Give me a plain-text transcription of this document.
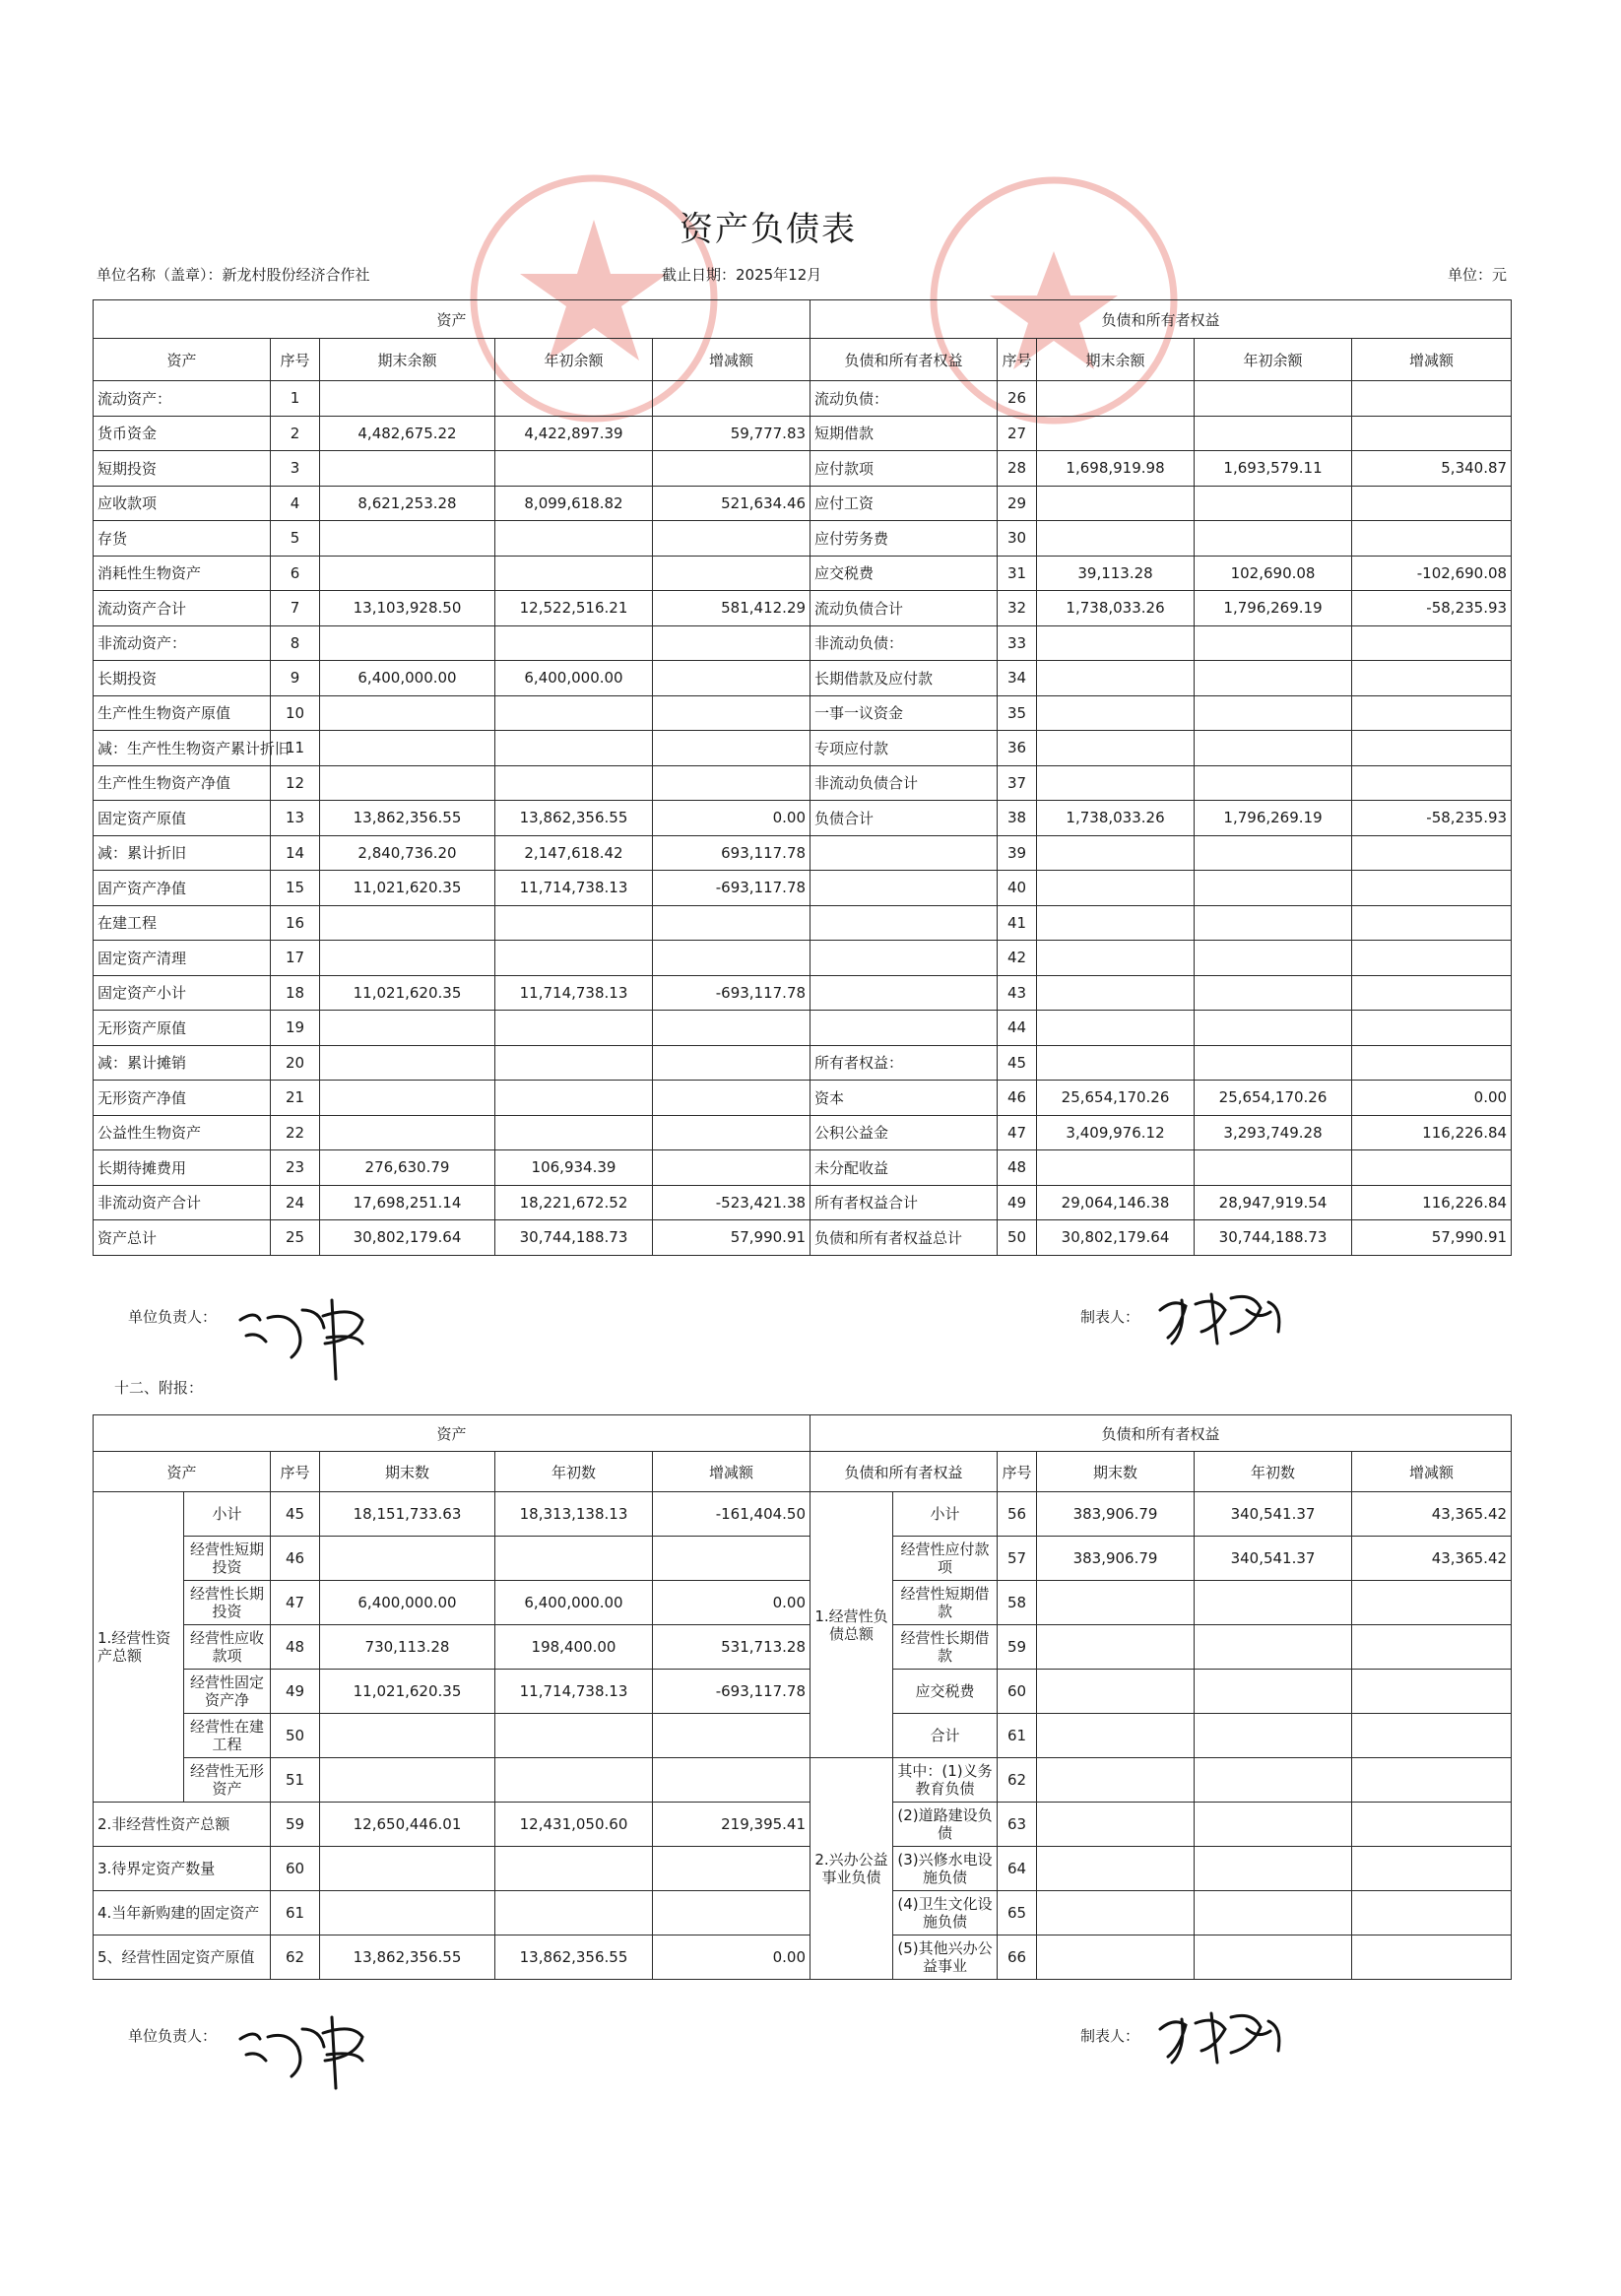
资产负债表
单位名称（盖章）：新龙村股份经济合作社	截止日期：2025年12月	单位：元
资产					负债和所有者权益				
资产	序号	期末余额	年初余额	增减额	负债和所有者权益	序号	期末余额	年初余额	增减额
流动资产：	1				流动负债：	26			
货币资金	2	4,482,675.22	4,422,897.39	59,777.83	短期借款	27			
短期投资	3				应付款项	28	1,698,919.98	1,693,579.11	5,340.87
应收款项	4	8,621,253.28	8,099,618.82	521,634.46	应付工资	29			
存货	5				应付劳务费	30			
消耗性生物资产	6				应交税费	31	39,113.28	102,690.08	-102,690.08
流动资产合计	7	13,103,928.50	12,522,516.21	581,412.29	流动负债合计	32	1,738,033.26	1,796,269.19	-58,235.93
非流动资产：	8				非流动负债：	33			
长期投资	9	6,400,000.00	6,400,000.00		长期借款及应付款	34			
生产性生物资产原值	10				一事一议资金	35			
减：生产性生物资产累计折旧	11				专项应付款	36			
生产性生物资产净值	12				非流动负债合计	37			
固定资产原值	13	13,862,356.55	13,862,356.55	0.00	负债合计	38	1,738,033.26	1,796,269.19	-58,235.93
减：累计折旧	14	2,840,736.20	2,147,618.42	693,117.78		39			
固产资产净值	15	11,021,620.35	11,714,738.13	-693,117.78		40			
在建工程	16					41			
固定资产清理	17					42			
固定资产小计	18	11,021,620.35	11,714,738.13	-693,117.78		43			
无形资产原值	19					44			
减：累计摊销	20				所有者权益：	45			
无形资产净值	21				资本	46	25,654,170.26	25,654,170.26	0.00
公益性生物资产	22				公积公益金	47	3,409,976.12	3,293,749.28	116,226.84
长期待摊费用	23	276,630.79	106,934.39		未分配收益	48			
非流动资产合计	24	17,698,251.14	18,221,672.52	-523,421.38	所有者权益合计	49	29,064,146.38	28,947,919.54	116,226.84
资产总计	25	30,802,179.64	30,744,188.73	57,990.91	负债和所有者权益总计	50	30,802,179.64	30,744,188.73	57,990.91
单位负责人：	制表人：
十二、附报：
资产						负债和所有者权益					
资产		序号	期末数	年初数	增减额	负债和所有者权益		序号	期末数	年初数	增减额
1.经营性资产总额	小计	45	18,151,733.63	18,313,138.13	-161,404.50	1.经营性负债总额	小计	56	383,906.79	340,541.37	43,365.42
	经营性短期投资	46					经营性应付款项	57	383,906.79	340,541.37	43,365.42
	经营性长期投资	47	6,400,000.00	6,400,000.00	0.00		经营性短期借款	58			
	经营性应收款项	48	730,113.28	198,400.00	531,713.28		经营性长期借款	59			
	经营性固定资产净	49	11,021,620.35	11,714,738.13	-693,117.78		应交税费	60			
	经营性在建工程	50					合计	61			
	经营性无形资产	51				2.兴办公益事业负债	其中：(1)义务教育负债	62			
2.非经营性资产总额		59	12,650,446.01	12,431,050.60	219,395.41		(2)道路建设负债	63			
3.待界定资产数量		60					(3)兴修水电设施负债	64			
4.当年新购建的固定资产		61					(4)卫生文化设施负债	65			
5、经营性固定资产原值		62	13,862,356.55	13,862,356.55	0.00		(5)其他兴办公益事业	66			
单位负责人：	制表人：
